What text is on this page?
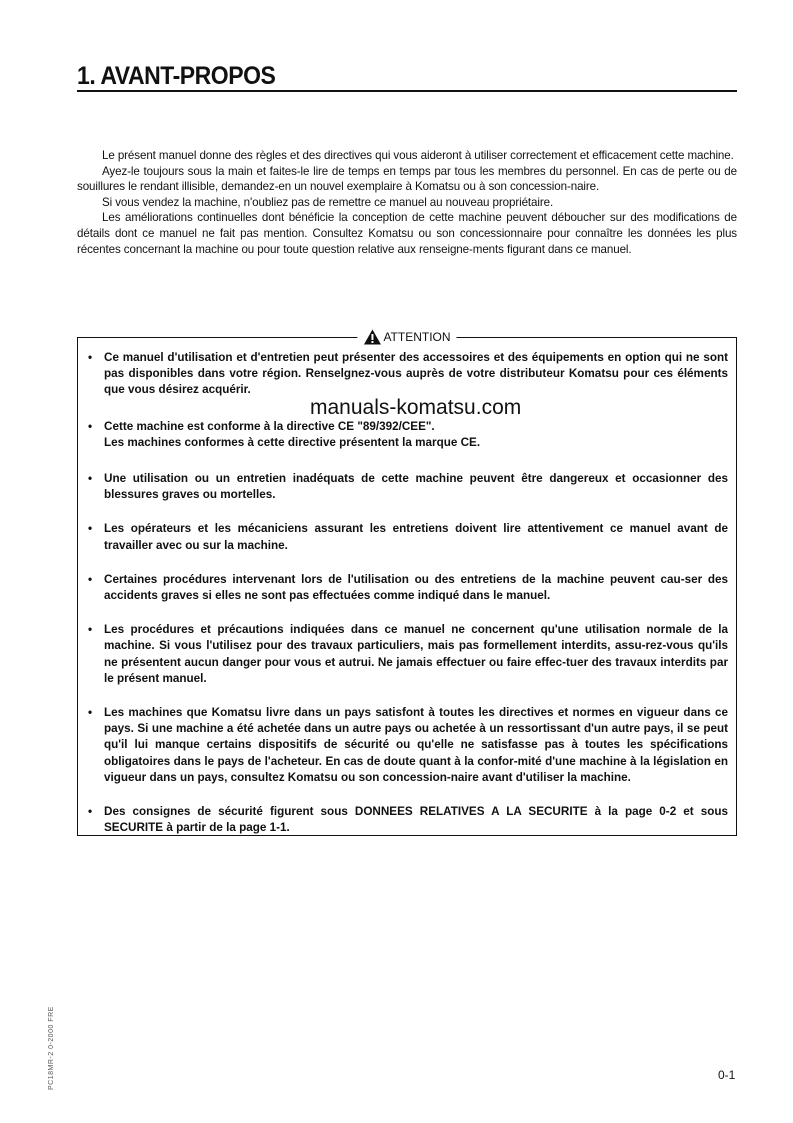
1. AVANT-PROPOS

Le présent manuel donne des règles et des directives qui vous aideront à utiliser correctement et efficacement cette machine.

Ayez-le toujours sous la main et faites-le lire de temps en temps par tous les membres du personnel. En cas de perte ou de souillures le rendant illisible, demandez-en un nouvel exemplaire à Komatsu ou à son concession-naire.

Si vous vendez la machine, n'oubliez pas de remettre ce manuel au nouveau propriétaire.

Les améliorations continuelles dont bénéficie la conception de cette machine peuvent déboucher sur des modifications de détails dont ce manuel ne fait pas mention. Consultez Komatsu ou son concessionnaire pour connaître les données les plus récentes concernant la machine ou pour toute question relative aux renseigne-ments figurant dans ce manuel.

ATTENTION
• Ce manuel d'utilisation et d'entretien peut présenter des accessoires et des équipements en option qui ne sont pas disponibles dans votre région. Renselgnez-vous auprès de votre distributeur Komatsu pour ces éléments que vous désirez acquérir.
• Cette machine est conforme à la directive CE "89/392/CEE".
Les machines conformes à cette directive présentent la marque CE.
• Une utilisation ou un entretien inadéquats de cette machine peuvent être dangereux et occasionner des blessures graves ou mortelles.
• Les opérateurs et les mécaniciens assurant les entretiens doivent lire attentivement ce manuel avant de travailler avec ou sur la machine.
• Certaines procédures intervenant lors de l'utilisation ou des entretiens de la machine peuvent cau-ser des accidents graves si elles ne sont pas effectuées comme indiqué dans le manuel.
• Les procédures et précautions indiquées dans ce manuel ne concernent qu'une utilisation normale de la machine. Si vous l'utilisez pour des travaux particuliers, mais pas formellement interdits, assu-rez-vous qu'ils ne présentent aucun danger pour vous et autrui. Ne jamais effectuer ou faire effec-tuer des travaux interdits par le présent manuel.
• Les machines que Komatsu livre dans un pays satisfont à toutes les directives et normes en vigueur dans ce pays. Si une machine a été achetée dans un autre pays ou achetée à un ressortissant d'un autre pays, il se peut qu'il lui manque certains dispositifs de sécurité ou qu'elle ne satisfasse pas à toutes les spécifications obligatoires dans le pays de l'acheteur. En cas de doute quant à la confor-mité d'une machine à la législation en vigueur dans un pays, consultez Komatsu ou son concession-naire avant d'utiliser la machine.
• Des consignes de sécurité figurent sous DONNEES RELATIVES A LA SECURITE à la page 0-2 et sous SECURITE à partir de la page 1-1.
manuals-komatsu.com
PC18MR-2 0-2000 FRE	0-1
